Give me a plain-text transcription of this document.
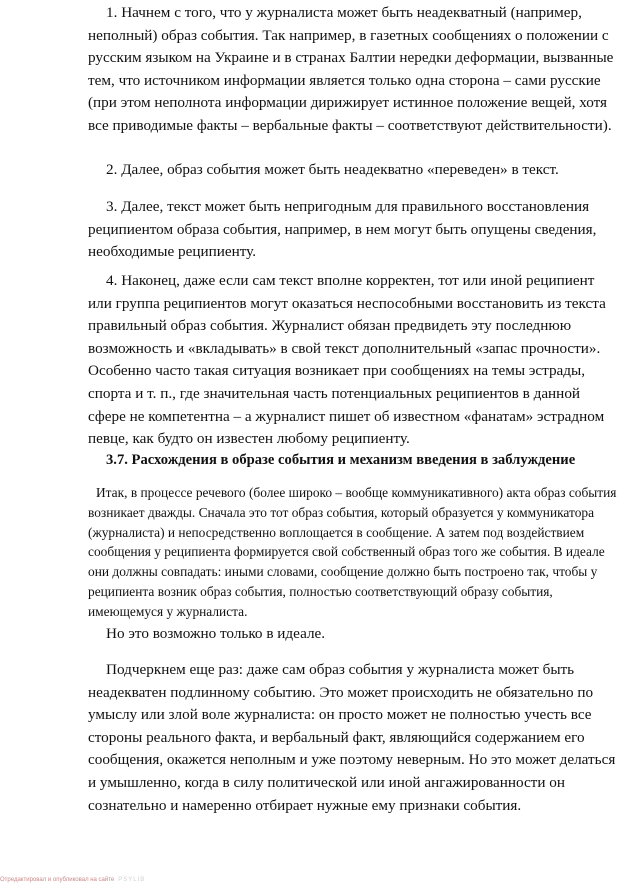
1. Начнем с того, что у журналиста может быть неадекватный (например, неполный) образ события. Так например, в газетных сообщениях о положении с русским языком на Украине и в странах Балтии нередки деформации, вызванные тем, что источником информации является только одна сторона – сами русские (при этом неполнота информации дирижирует истинное положение вещей, хотя все приводимые факты – вербальные факты – соответствуют действительности).

2. Далее, образ события может быть неадекватно «переведен» в текст.

3. Далее, текст может быть непригодным для правильного восстановления реципиентом образа события, например, в нем могут быть опущены сведения, необходимые реципиенту.

4. Наконец, даже если сам текст вполне корректен, тот или иной реципиент или группа реципиентов могут оказаться неспособными восстановить из текста правильный образ события. Журналист обязан предвидеть эту последнюю возможность и «вкладывать» в свой текст дополнительный «запас прочности». Особенно часто такая ситуация возникает при сообщениях на темы эстрады, спорта и т. п., где значительная часть потенциальных реципиентов в данной сфере не компетентна – а журналист пишет об известном «фанатам» эстрадном певце, как будто он известен любому реципиенту.

3.7. Расхождения в образе события и механизм введения в заблуждение

Итак, в процессе речевого (более широко – вообще коммуникативного) акта образ события возникает дважды. Сначала это тот образ события, который образуется у коммуникатора (журналиста) и непосредственно воплощается в сообщение. А затем под воздействием сообщения у реципиента формируется свой собственный образ того же события. В идеале они должны совпадать: иными словами, сообщение должно быть построено так, чтобы у реципиента возник образ события, полностью соответствующий образу события, имеющемуся у журналиста.

Но это возможно только в идеале.

Подчеркнем еще раз: даже сам образ события у журналиста может быть неадекватен подлинному событию. Это может происходить не обязательно по умыслу или злой воле журналиста: он просто может не полностью учесть все стороны реального факта, и вербальный факт, являющийся содержанием его сообщения, окажется неполным и уже поэтому неверным. Но это может делаться и умышленно, когда в силу политической или иной ангажированности он сознательно и намеренно отбирает нужные ему признаки события.

Отредактировал и опубликовал на сайте PSYLIB
